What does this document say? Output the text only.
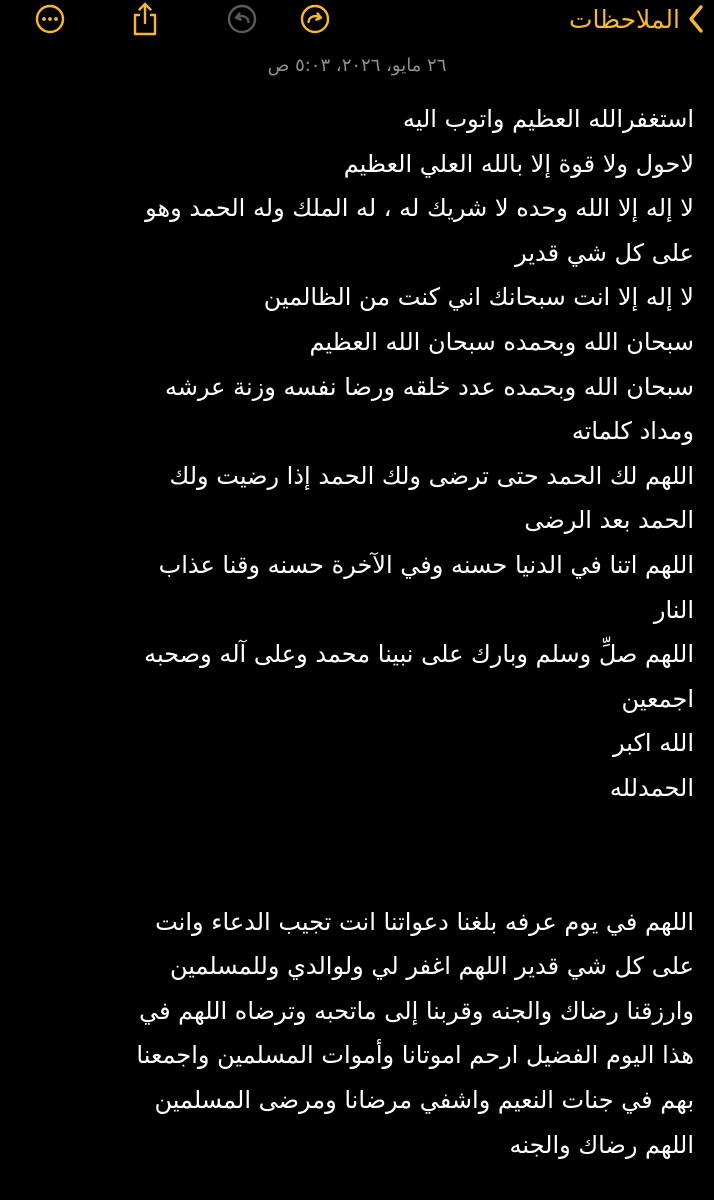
الملاحظات
٢٦ مايو، ٢٠٢٦، ٥:٠٣ ص
استغفرالله العظيم واتوب اليه
لاحول ولا قوة إلا بالله العلي العظيم
لا إله إلا الله وحده لا شريك له ، له الملك وله الحمد وهو
على كل شي قدير
لا إله إلا انت سبحانك اني كنت من الظالمين
سبحان الله وبحمده سبحان الله العظيم
سبحان الله وبحمده عدد خلقه ورضا نفسه وزنة عرشه
ومداد كلماته
اللهم لك الحمد حتى ترضى ولك الحمد إذا رضيت ولك
الحمد بعد الرضى
اللهم اتنا في الدنيا حسنه وفي الآخرة حسنه وقنا عذاب
النار
اللهم صلِّ وسلم وبارك على نبينا محمد وعلى آله وصحبه
اجمعين
الله اكبر
الحمدلله

اللهم في يوم عرفه بلغنا دعواتنا انت تجيب الدعاء وانت
على كل شي قدير اللهم اغفر لي ولوالدي وللمسلمين
وارزقنا رضاك والجنه وقربنا إلى ماتحبه وترضاه اللهم في
هذا اليوم الفضيل ارحم اموتانا وأموات المسلمين واجمعنا
بهم في جنات النعيم واشفي مرضانا ومرضى المسلمين
اللهم رضاك والجنه
